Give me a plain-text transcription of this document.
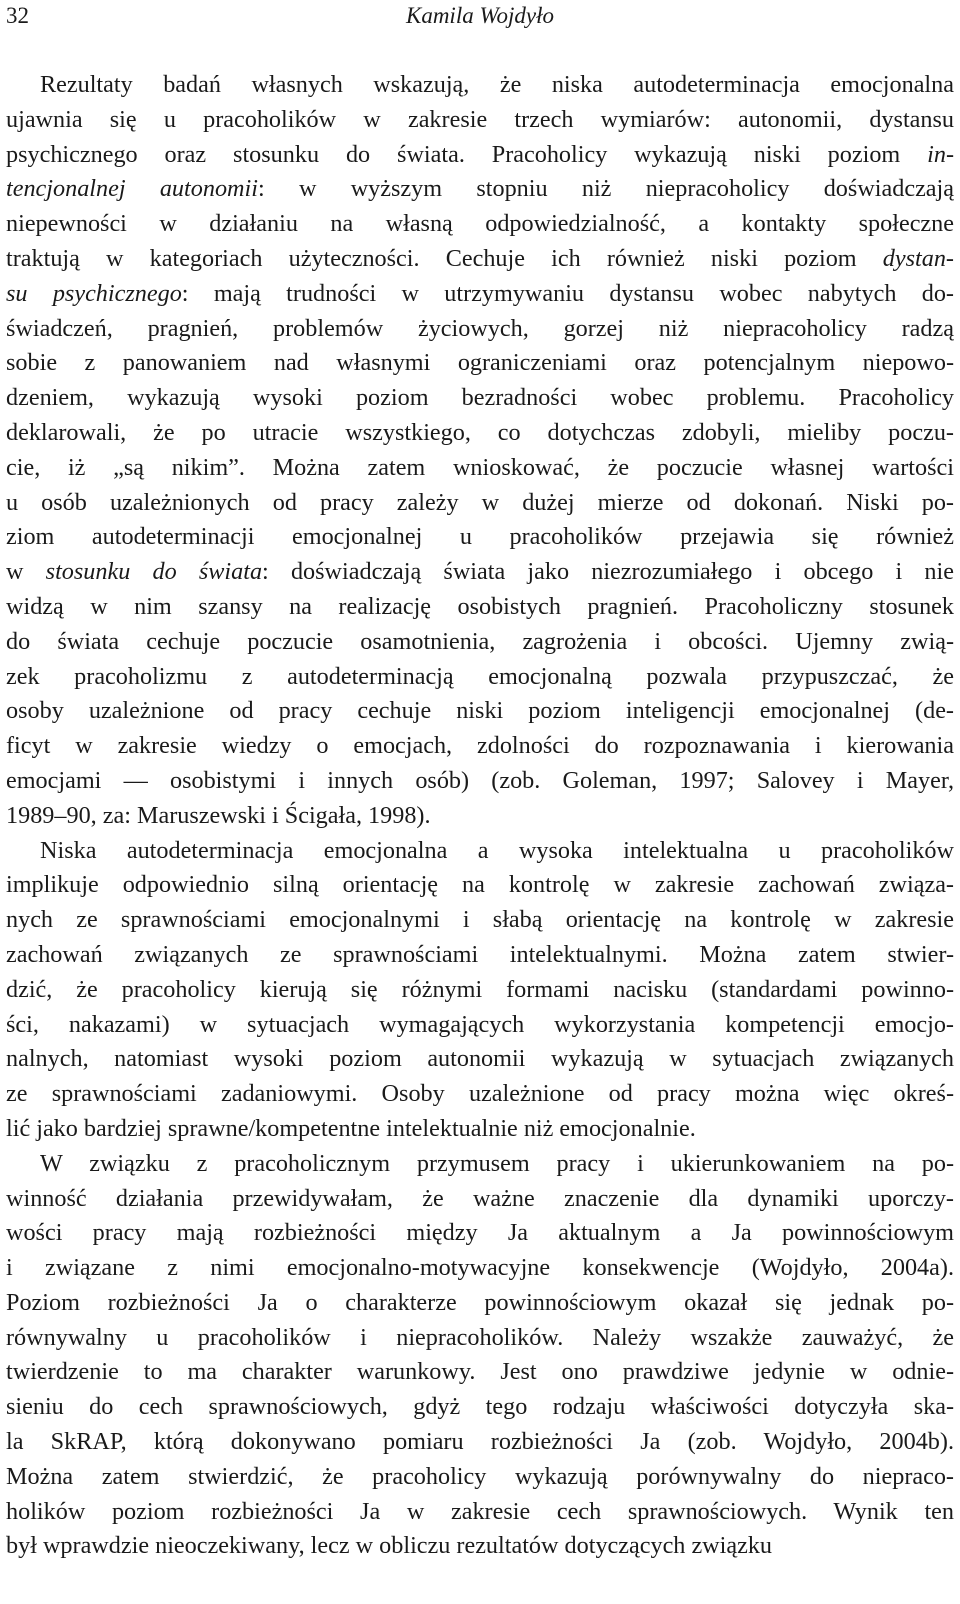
32	Kamila Wojdyło
Rezultaty badań własnych wskazują, że niska autodeterminacja emocjonalna
ujawnia się u pracoholików w zakresie trzech wymiarów: autonomii, dystansu
psychicznego oraz stosunku do świata. Pracoholicy wykazują niski poziom in-
tencjonalnej autonomii: w wyższym stopniu niż niepracoholicy doświadczają
niepewności w działaniu na własną odpowiedzialność, a kontakty społeczne
traktują w kategoriach użyteczności. Cechuje ich również niski poziom dystan-
su psychicznego: mają trudności w utrzymywaniu dystansu wobec nabytych do-
świadczeń, pragnień, problemów życiowych, gorzej niż niepracoholicy radzą
sobie z panowaniem nad własnymi ograniczeniami oraz potencjalnym niepowo-
dzeniem, wykazują wysoki poziom bezradności wobec problemu. Pracoholicy
deklarowali, że po utracie wszystkiego, co dotychczas zdobyli, mieliby poczu-
cie, iż „są nikim”. Można zatem wnioskować, że poczucie własnej wartości
u osób uzależnionych od pracy zależy w dużej mierze od dokonań. Niski po-
ziom autodeterminacji emocjonalnej u pracoholików przejawia się również
w stosunku do świata: doświadczają świata jako niezrozumiałego i obcego i nie
widzą w nim szansy na realizację osobistych pragnień. Pracoholiczny stosunek
do świata cechuje poczucie osamotnienia, zagrożenia i obcości. Ujemny zwią-
zek pracoholizmu z autodeterminacją emocjonalną pozwala przypuszczać, że
osoby uzależnione od pracy cechuje niski poziom inteligencji emocjonalnej (de-
ficyt w zakresie wiedzy o emocjach, zdolności do rozpoznawania i kierowania
emocjami — osobistymi i innych osób) (zob. Goleman, 1997; Salovey i Mayer,
1989–90, za: Maruszewski i Ścigała, 1998).
Niska autodeterminacja emocjonalna a wysoka intelektualna u pracoholików
implikuje odpowiednio silną orientację na kontrolę w zakresie zachowań związa-
nych ze sprawnościami emocjonalnymi i słabą orientację na kontrolę w zakresie
zachowań związanych ze sprawnościami intelektualnymi. Można zatem stwier-
dzić, że pracoholicy kierują się różnymi formami nacisku (standardami powinno-
ści, nakazami) w sytuacjach wymagających wykorzystania kompetencji emocjo-
nalnych, natomiast wysoki poziom autonomii wykazują w sytuacjach związanych
ze sprawnościami zadaniowymi. Osoby uzależnione od pracy można więc okreś-
lić jako bardziej sprawne/kompetentne intelektualnie niż emocjonalnie.
W związku z pracoholicznym przymusem pracy i ukierunkowaniem na po-
winność działania przewidywałam, że ważne znaczenie dla dynamiki uporczy-
wości pracy mają rozbieżności między Ja aktualnym a Ja powinnościowym
i związane z nimi emocjonalno-motywacyjne konsekwencje (Wojdyło, 2004a).
Poziom rozbieżności Ja o charakterze powinnościowym okazał się jednak po-
równywalny u pracoholików i niepracoholików. Należy wszakże zauważyć, że
twierdzenie to ma charakter warunkowy. Jest ono prawdziwe jedynie w odnie-
sieniu do cech sprawnościowych, gdyż tego rodzaju właściwości dotyczyła ska-
la SkRAP, którą dokonywano pomiaru rozbieżności Ja (zob. Wojdyło, 2004b).
Można zatem stwierdzić, że pracoholicy wykazują porównywalny do niepraco-
holików poziom rozbieżności Ja w zakresie cech sprawnościowych. Wynik ten
był wprawdzie nieoczekiwany, lecz w obliczu rezultatów dotyczących związku
